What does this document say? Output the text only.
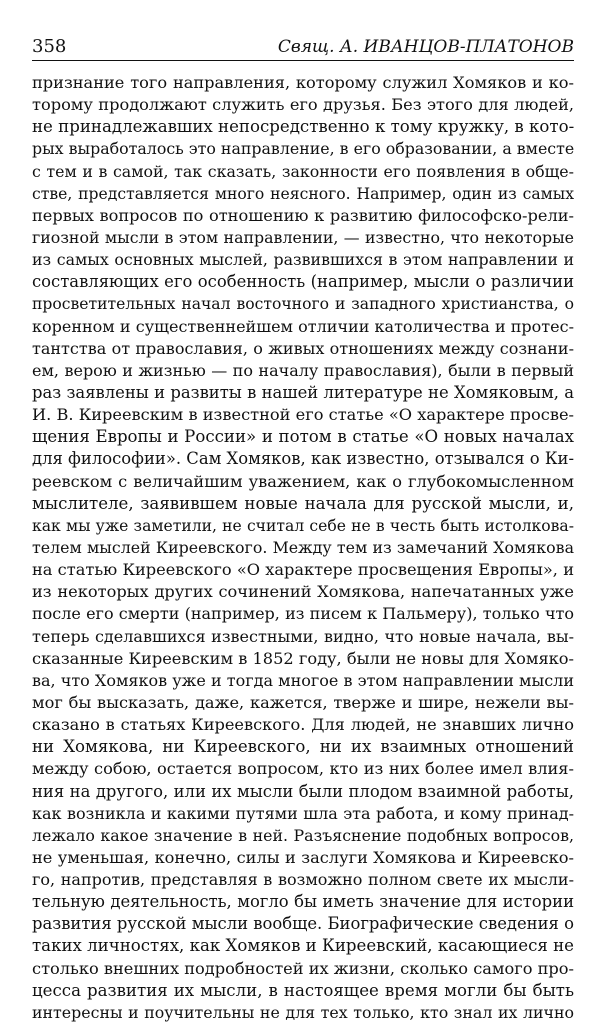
358	Свящ. А. ИВАНЦОВ-ПЛАТОНОВ
признание того направления, которому служил Хомяков и ко-
торому продолжают служить его друзья. Без этого для людей,
не принадлежавших непосредственно к тому кружку, в кото-
рых выработалось это направление, в его образовании, а вместе
с тем и в самой, так сказать, законности его появления в обще-
стве, представляется много неясного. Например, один из самых
первых вопросов по отношению к развитию философско-рели-
гиозной мысли в этом направлении, — известно, что некоторые
из самых основных мыслей, развившихся в этом направлении и
составляющих его особенность (например, мысли о различии
просветительных начал восточного и западного христианства, о
коренном и существеннейшем отличии католичества и протес-
тантства от православия, о живых отношениях между сознани-
ем, верою и жизнью — по началу православия), были в первый
раз заявлены и развиты в нашей литературе не Хомяковым, а
И. В. Киреевским в известной его статье «О характере просве-
щения Европы и России» и потом в статье «О новых началах
для философии». Сам Хомяков, как известно, отзывался о Ки-
реевском с величайшим уважением, как о глубокомысленном
мыслителе, заявившем новые начала для русской мысли, и,
как мы уже заметили, не считал себе не в честь быть истолкова-
телем мыслей Киреевского. Между тем из замечаний Хомякова
на статью Киреевского «О характере просвещения Европы», и
из некоторых других сочинений Хомякова, напечатанных уже
после его смерти (например, из писем к Пальмеру), только что
теперь сделавшихся известными, видно, что новые начала, вы-
сказанные Киреевским в 1852 году, были не новы для Хомяко-
ва, что Хомяков уже и тогда многое в этом направлении мысли
мог бы высказать, даже, кажется, тверже и шире, нежели вы-
сказано в статьях Киреевского. Для людей, не знавших лично
ни Хомякова, ни Киреевского, ни их взаимных отношений
между собою, остается вопросом, кто из них более имел влия-
ния на другого, или их мысли были плодом взаимной работы,
как возникла и какими путями шла эта работа, и кому принад-
лежало какое значение в ней. Разъяснение подобных вопросов,
не уменьшая, конечно, силы и заслуги Хомякова и Киреевско-
го, напротив, представляя в возможно полном свете их мысли-
тельную деятельность, могло бы иметь значение для истории
развития русской мысли вообще. Биографические сведения о
таких личностях, как Хомяков и Киреевский, касающиеся не
столько внешних подробностей их жизни, сколько самого про-
цесса развития их мысли, в настоящее время могли бы быть
интересны и поучительны не для тех только, кто знал их лично
